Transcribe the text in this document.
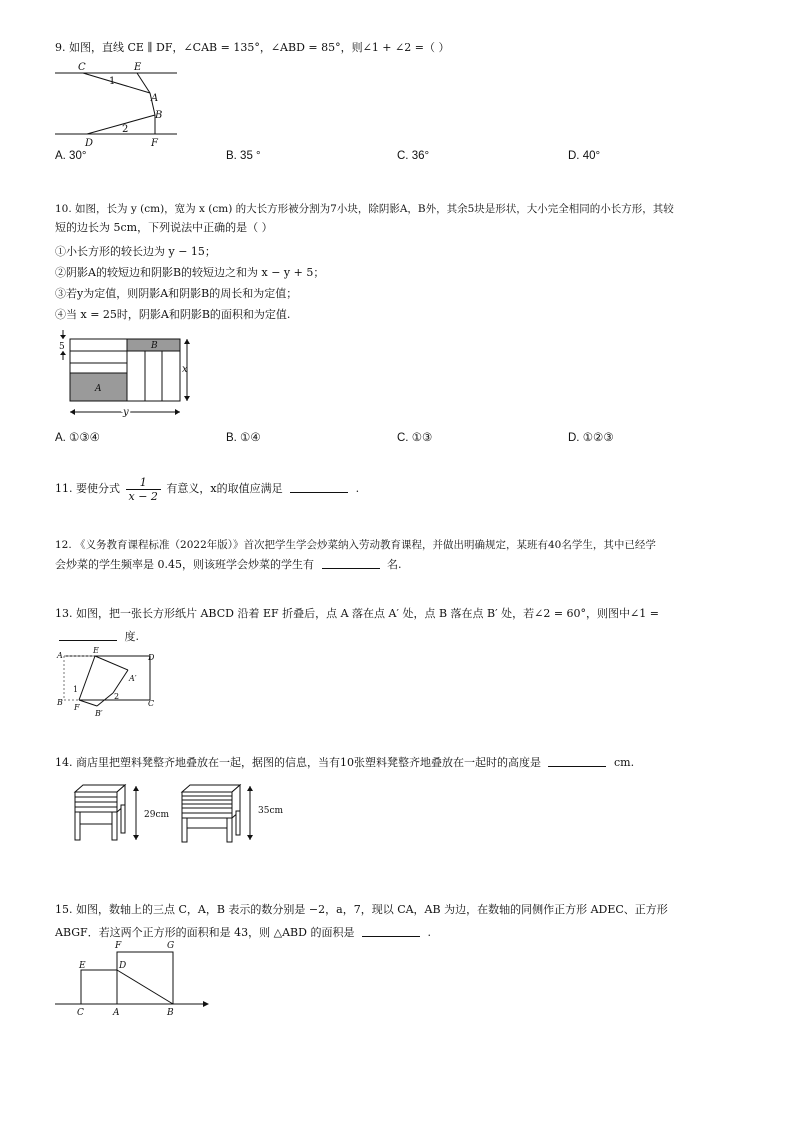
9. 如图，直线 CE ∥ DF，∠CAB = 135°，∠ABD = 85°，则∠1 + ∠2 =（ ）
C	E
1
A
B
2
D	F
A. 30°	B. 35 °	C. 36°	D. 40°
10. 如图，长为 y (cm)，宽为 x (cm) 的大长方形被分割为7小块，除阴影A，B外，其余5块是形状，大小完全相同的小长方形，其较
短的边长为 5cm，下列说法中正确的是（ ）
①小长方形的较长边为 y − 15；
②阴影A的较短边和阴影B的较短边之和为 x − y + 5；
③若y为定值，则阴影A和阴影B的周长和为定值；
④当 x = 25时，阴影A和阴影B的面积和为定值.
5
A
B
x
y
A. ①③④	B. ①④	C. ①③	D. ①②③
11. 要使分式 $\frac{1}{x - 2}$ 有意义，x的取值应满足	.
12. 《义务教育课程标准（2022年版）》首次把学生学会炒菜纳入劳动教育课程，并做出明确规定，某班有40名学生，其中已经学
会炒菜的学生频率是 0.45，则该班学会炒菜的学生有	名.
13. 如图，把一张长方形纸片 ABCD 沿着 EF 折叠后，点 A 落在点 A′ 处，点 B 落在点 B′ 处，若∠2 = 60°，则图中∠1 =
度.
A
E
D
A′
1
2
B
F
B′
C
14. 商店里把塑料凳整齐地叠放在一起，据图的信息，当有10张塑料凳整齐地叠放在一起时的高度是	cm.
29cm	35cm
15. 如图，数轴上的三点 C，A，B 表示的数分别是 −2，a，7，现以 CA，AB 为边，在数轴的同侧作正方形 ADEC、正方形
ABGF．若这两个正方形的面积和是 43，则 △ABD 的面积是	.
F	G
E	D
C	A	B
